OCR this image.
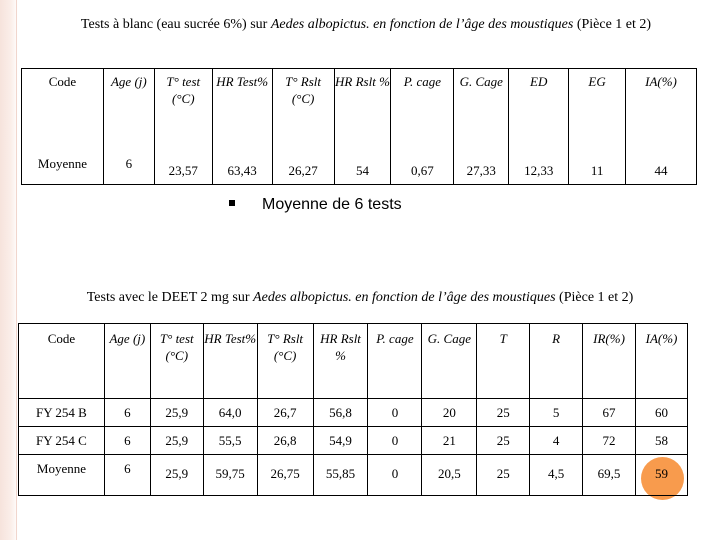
Tests à blanc (eau sucrée 6%) sur Aedes albopictus. en fonction de l’âge des moustiques (Pièce 1 et 2)
Code	Age (j)	T° test (°C)	HR Test%	T° Rslt (°C)	HR Rslt %	P. cage	G. Cage	ED	EG	IA(%)
Moyenne	6	23,57	63,43	26,27	54	0,67	27,33	12,33	11	44
Moyenne de 6 tests
Tests avec le DEET 2 mg sur Aedes albopictus. en fonction de l’âge des moustiques (Pièce 1 et 2)
Code	Age (j)	T° test (°C)	HR Test%	T° Rslt (°C)	HR Rslt %	P. cage	G. Cage	T	R	IR(%)	IA(%)
FY 254 B	6	25,9	64,0	26,7	56,8	0	20	25	5	67	60
FY 254 C	6	25,9	55,5	26,8	54,9	0	21	25	4	72	58
Moyenne	6	25,9	59,75	26,75	55,85	0	20,5	25	4,5	69,5	59
